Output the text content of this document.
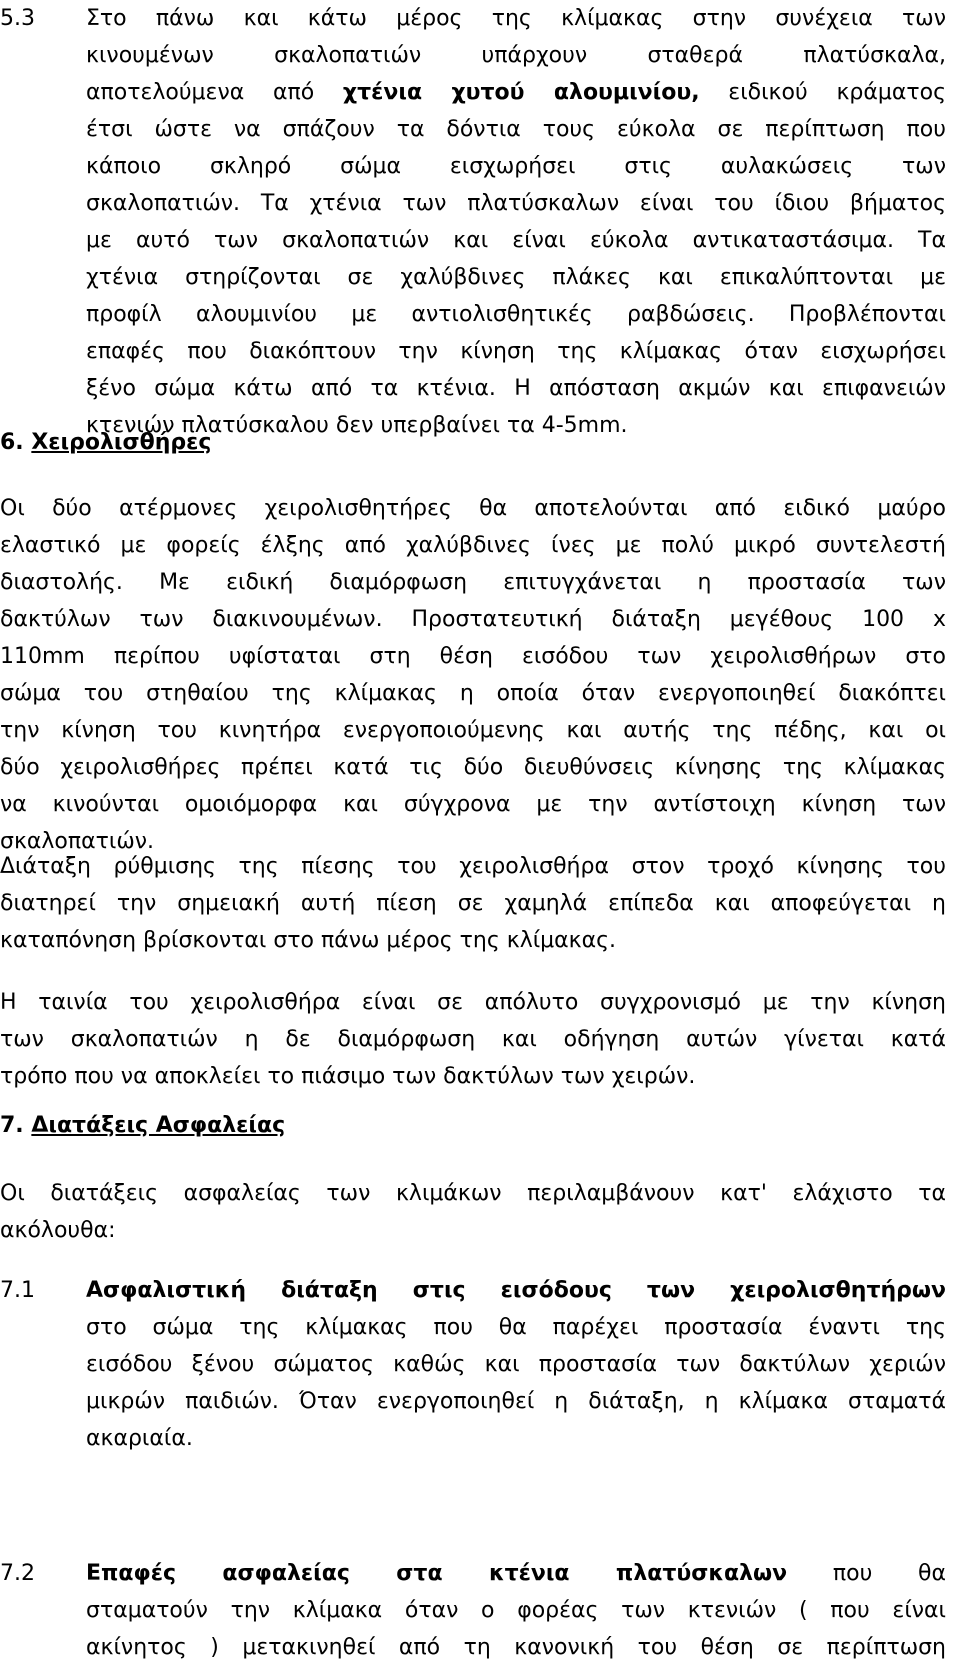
5.3	Στο πάνω και κάτω μέρος της κλίμακας στην συνέχεια των
κινουμένων σκαλοπατιών υπάρχουν σταθερά πλατύσκαλα,
αποτελούμενα από χτένια χυτού αλουμινίου, ειδικού κράματος
έτσι ώστε να σπάζουν τα δόντια τους εύκολα σε περίπτωση που
κάποιο σκληρό σώμα εισχωρήσει στις αυλακώσεις των
σκαλοπατιών. Τα χτένια των πλατύσκαλων είναι του ίδιου βήματος
με αυτό των σκαλοπατιών και είναι εύκολα αντικαταστάσιμα. Τα
χτένια στηρίζονται σε χαλύβδινες πλάκες και επικαλύπτονται με
προφίλ αλουμινίου με αντιολισθητικές ραβδώσεις. Προβλέπονται
επαφές που διακόπτουν την κίνηση της κλίμακας όταν εισχωρήσει
ξένο σώμα κάτω από τα κτένια. Η απόσταση ακμών και επιφανειών
κτενιών πλατύσκαλου δεν υπερβαίνει τα 4-5mm.
6. Χειρολισθήρες
Οι δύο ατέρμονες χειρολισθητήρες θα αποτελούνται από ειδικό μαύρο
ελαστικό με φορείς έλξης από χαλύβδινες ίνες με πολύ μικρό συντελεστή
διαστολής. Με ειδική διαμόρφωση επιτυγχάνεται η προστασία των
δακτύλων των διακινουμένων. Προστατευτική διάταξη μεγέθους 100 x
110mm περίπου υφίσταται στη θέση εισόδου των χειρολισθήρων στο
σώμα του στηθαίου της κλίμακας η οποία όταν ενεργοποιηθεί διακόπτει
την κίνηση του κινητήρα ενεργοποιούμενης και αυτής της πέδης, και οι
δύο χειρολισθήρες πρέπει κατά τις δύο διευθύνσεις κίνησης της κλίμακας
να κινούνται ομοιόμορφα και σύγχρονα με την αντίστοιχη κίνηση των
σκαλοπατιών.
Διάταξη ρύθμισης της πίεσης του χειρολισθήρα στον τροχό κίνησης του
διατηρεί την σημειακή αυτή πίεση σε χαμηλά επίπεδα και αποφεύγεται η
καταπόνηση βρίσκονται στο πάνω μέρος της κλίμακας.
Η ταινία του χειρολισθήρα είναι σε απόλυτο συγχρονισμό με την κίνηση
των σκαλοπατιών η δε διαμόρφωση και οδήγηση αυτών γίνεται κατά
τρόπο που να αποκλείει το πιάσιμο των δακτύλων των χειρών.
7. Διατάξεις Ασφαλείας
Οι διατάξεις ασφαλείας των κλιμάκων περιλαμβάνουν κατ' ελάχιστο τα
ακόλουθα:
7.1	Ασφαλιστική διάταξη στις εισόδους των χειρολισθητήρων
στο σώμα της κλίμακας που θα παρέχει προστασία έναντι της
εισόδου ξένου σώματος καθώς και προστασία των δακτύλων χεριών
μικρών παιδιών. Όταν ενεργοποιηθεί η διάταξη, η κλίμακα σταματά
ακαριαία.
7.2	Επαφές ασφαλείας στα κτένια πλατύσκαλων που θα
σταματούν την κλίμακα όταν ο φορέας των κτενιών ( που είναι
ακίνητος ) μετακινηθεί από τη κανονική του θέση σε περίπτωση
